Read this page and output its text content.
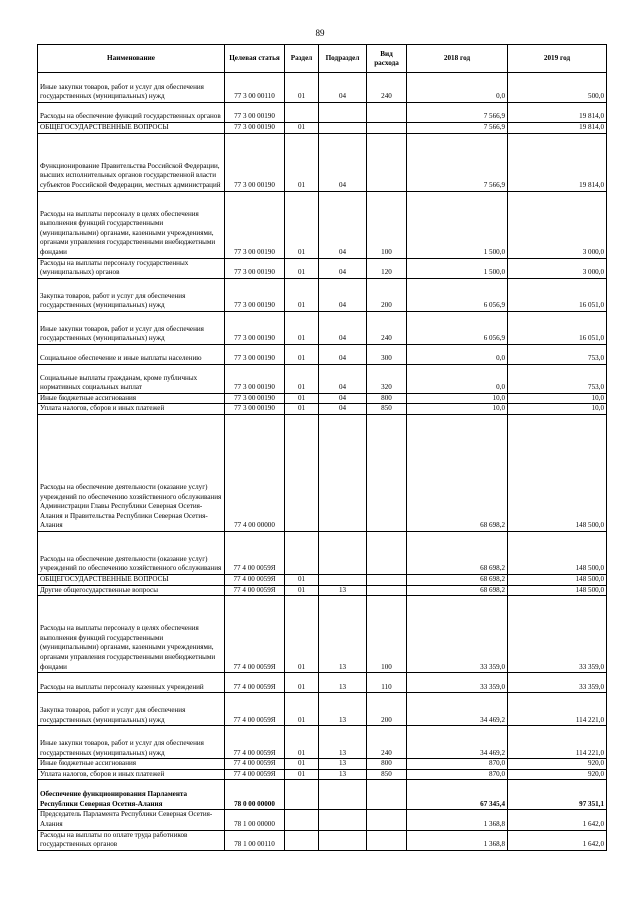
89
Наименование	Целевая статья	Раздел	Подраздел	Вид расхода	2018 год	2019 год
Иные закупки товаров, работ и услуг для обеспечения государственных (муниципальных) нужд	77 3 00 00110	01	04	240	0,0	500,0
Расходы на обеспечение функций государственных органов	77 3 00 00190				7 566,9	19 814,0
ОБЩЕГОСУДАРСТВЕННЫЕ ВОПРОСЫ	77 3 00 00190	01			7 566,9	19 814,0
Функционирование Правительства Российской Федерации, высших исполнительных органов государственной власти субъектов Российской Федерации, местных администраций	77 3 00 00190	01	04		7 566,9	19 814,0
Расходы на выплаты персоналу в целях обеспечения выполнения функций государственными (муниципальными) органами, казенными учреждениями, органами управления государственными внебюджетными фондами	77 3 00 00190	01	04	100	1 500,0	3 000,0
Расходы на выплаты персоналу государственных (муниципальных) органов	77 3 00 00190	01	04	120	1 500,0	3 000,0
Закупка товаров, работ и услуг для обеспечения государственных (муниципальных) нужд	77 3 00 00190	01	04	200	6 056,9	16 051,0
Иные закупки товаров, работ и услуг для обеспечения государственных (муниципальных) нужд	77 3 00 00190	01	04	240	6 056,9	16 051,0
Социальное обеспечение и иные выплаты населению	77 3 00 00190	01	04	300	0,0	753,0
Социальные выплаты гражданам, кроме публичных нормативных социальных выплат	77 3 00 00190	01	04	320	0,0	753,0
Иные бюджетные ассигнования	77 3 00 00190	01	04	800	10,0	10,0
Уплата налогов, сборов и иных платежей	77 3 00 00190	01	04	850	10,0	10,0
Расходы на обеспечение деятельности (оказание услуг) учреждений по обеспечению хозяйственного обслуживания Администрации Главы Республики Северная Осетия-Алания и Правительства Республики Северная Осетия-Алания	77 4 00 00000				68 698,2	148 500,0
Расходы на обеспечение деятельности (оказание услуг) учреждений по обеспечению хозяйственного обслуживания	77 4 00 0059Я				68 698,2	148 500,0
ОБЩЕГОСУДАРСТВЕННЫЕ ВОПРОСЫ	77 4 00 0059Я	01			68 698,2	148 500,0
Другие общегосударственные вопросы	77 4 00 0059Я	01	13		68 698,2	148 500,0
Расходы на выплаты персоналу в целях обеспечения выполнения функций государственными (муниципальными) органами, казенными учреждениями, органами управления государственными внебюджетными фондами	77 4 00 0059Я	01	13	100	33 359,0	33 359,0
Расходы на выплаты персоналу казенных учреждений	77 4 00 0059Я	01	13	110	33 359,0	33 359,0
Закупка товаров, работ и услуг для обеспечения государственных (муниципальных) нужд	77 4 00 0059Я	01	13	200	34 469,2	114 221,0
Иные закупки товаров, работ и услуг для обеспечения государственных (муниципальных) нужд	77 4 00 0059Я	01	13	240	34 469,2	114 221,0
Иные бюджетные ассигнования	77 4 00 0059Я	01	13	800	870,0	920,0
Уплата налогов, сборов и иных платежей	77 4 00 0059Я	01	13	850	870,0	920,0
Обеспечение функционирования Парламента Республики Северная Осетия-Алания	78 0 00 00000				67 345,4	97 351,1
Председатель Парламента Республики Северная Осетия-Алания	78 1 00 00000				1 368,8	1 642,0
Расходы на выплаты по оплате труда работников государственных органов	78 1 00 00110				1 368,8	1 642,0
